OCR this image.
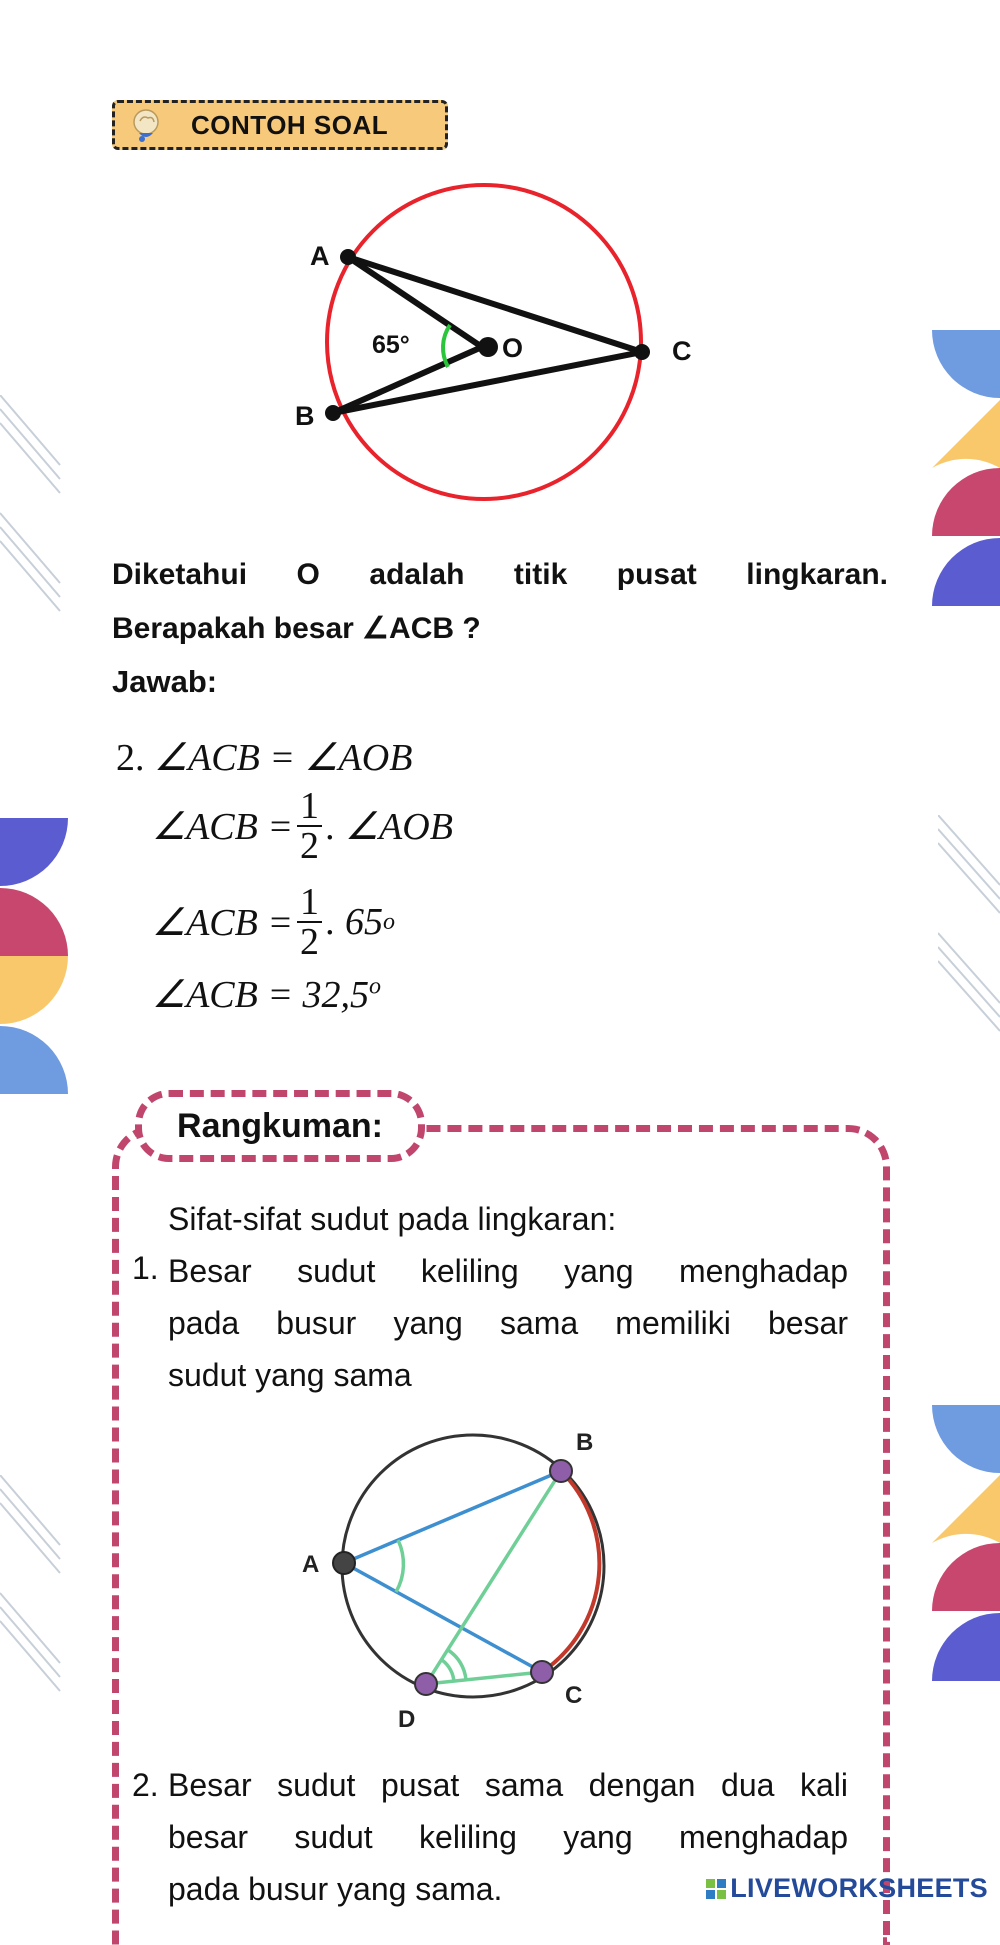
CONTOH SOAL
A
B
O	C
65°
Diketahui O adalah titik pusat lingkaran.
Berapakah besar ∠ACB ?
Jawab:
2. ∠ACB = ∠AOB
∠ACB = $\frac{1}{2}$ . ∠AOB
∠ACB = $\frac{1}{2}$ . 65 o
∠ACB = $32,5^o$
Rangkuman:
Sifat-sifat sudut pada lingkaran:
1. Besar sudut keliling yang menghadap
pada busur yang sama memiliki besar
sudut yang sama
A
B
C
D
2. Besar sudut pusat sama dengan dua kali
besar sudut keliling yang menghadap
pada busur yang sama.	LIVEWORKSHEETS
